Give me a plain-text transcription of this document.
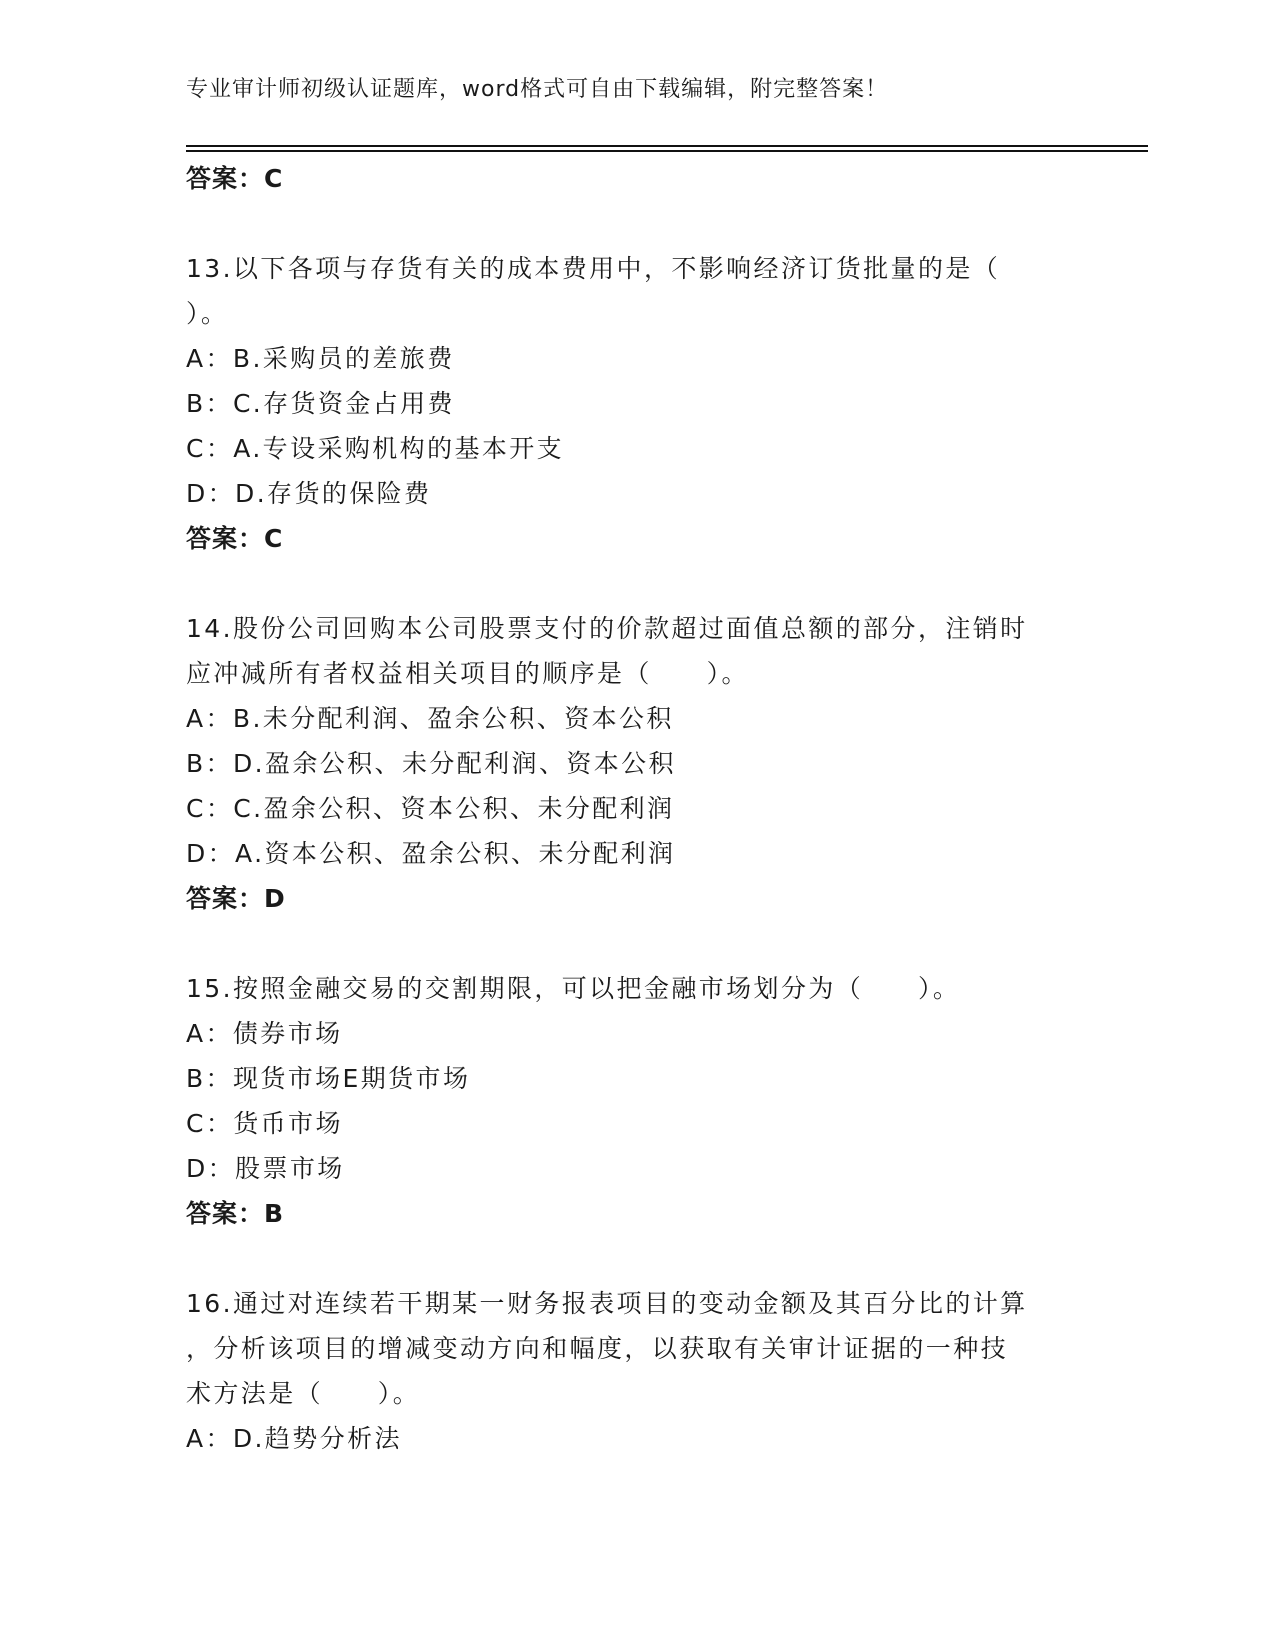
专业审计师初级认证题库，word格式可自由下载编辑，附完整答案！
答案：C
13.以下各项与存货有关的成本费用中，不影响经济订货批量的是（
）。
A：B.采购员的差旅费
B：C.存货资金占用费
C：A.专设采购机构的基本开支
D：D.存货的保险费
答案：C
14.股份公司回购本公司股票支付的价款超过面值总额的部分，注销时
应冲减所有者权益相关项目的顺序是（　　）。
A：B.未分配利润、盈余公积、资本公积
B：D.盈余公积、未分配利润、资本公积
C：C.盈余公积、资本公积、未分配利润
D：A.资本公积、盈余公积、未分配利润
答案：D
15.按照金融交易的交割期限，可以把金融市场划分为（　　）。
A：债券市场
B：现货市场E期货市场
C：货币市场
D：股票市场
答案：B
16.通过对连续若干期某一财务报表项目的变动金额及其百分比的计算
，分析该项目的增减变动方向和幅度，以获取有关审计证据的一种技
术方法是（　　）。
A：D.趋势分析法
